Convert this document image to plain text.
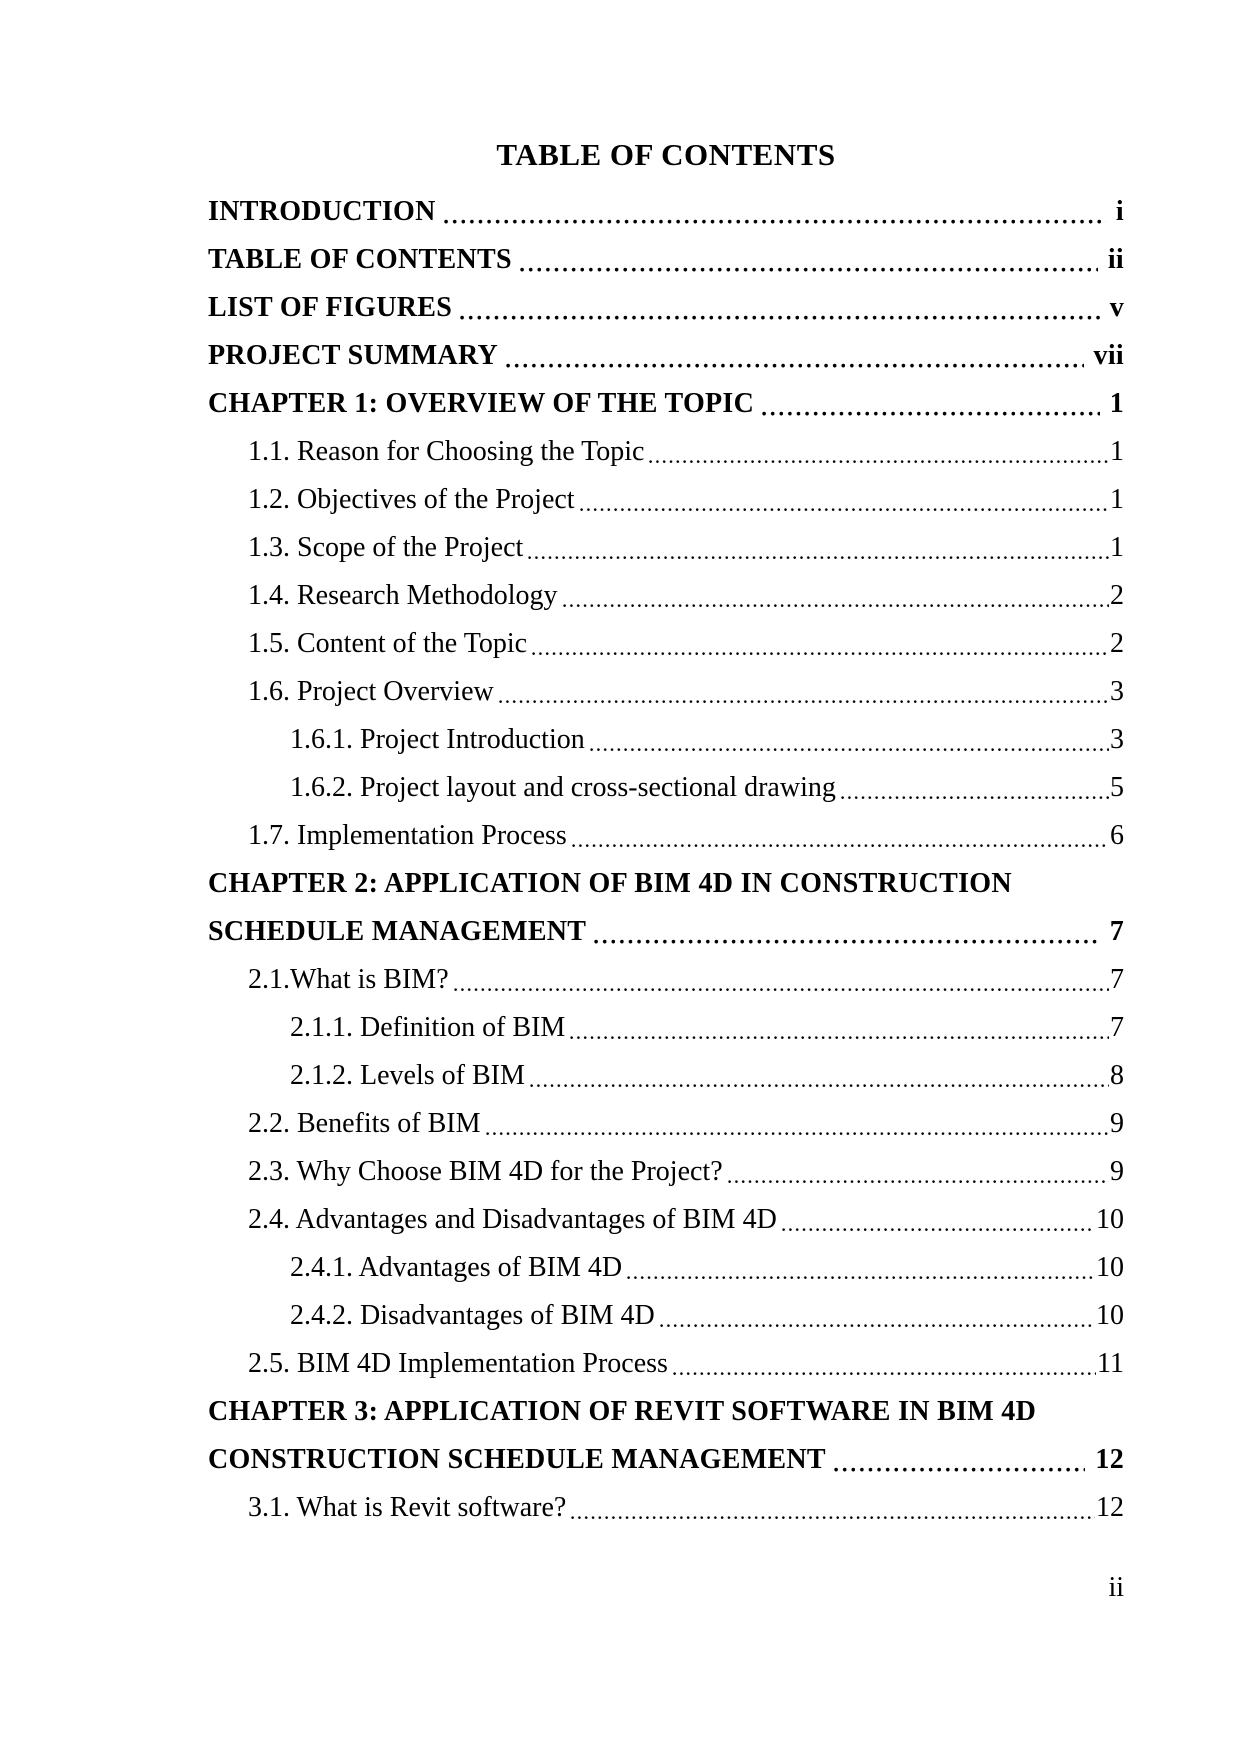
TABLE OF CONTENTS
INTRODUCTION	i
TABLE OF CONTENTS	ii
LIST OF FIGURES	v
PROJECT SUMMARY	vii
CHAPTER 1: OVERVIEW OF THE TOPIC	1
1.1. Reason for Choosing the Topic	1
1.2. Objectives of the Project	1
1.3. Scope of the Project	1
1.4. Research Methodology	2
1.5. Content of the Topic	2
1.6. Project Overview	3
1.6.1. Project Introduction	3
1.6.2. Project layout and cross-sectional drawing	5
1.7. Implementation Process	6
CHAPTER 2: APPLICATION OF BIM 4D IN CONSTRUCTION
SCHEDULE MANAGEMENT	7
2.1.What is BIM?	7
2.1.1. Definition of BIM	7
2.1.2. Levels of BIM	8
2.2. Benefits of BIM	9
2.3. Why Choose BIM 4D for the Project?	9
2.4. Advantages and Disadvantages of BIM 4D	10
2.4.1. Advantages of BIM 4D	10
2.4.2. Disadvantages of BIM 4D	10
2.5. BIM 4D Implementation Process	11
CHAPTER 3: APPLICATION OF REVIT SOFTWARE IN BIM 4D
CONSTRUCTION SCHEDULE MANAGEMENT	12
3.1. What is Revit software?	12
ii
